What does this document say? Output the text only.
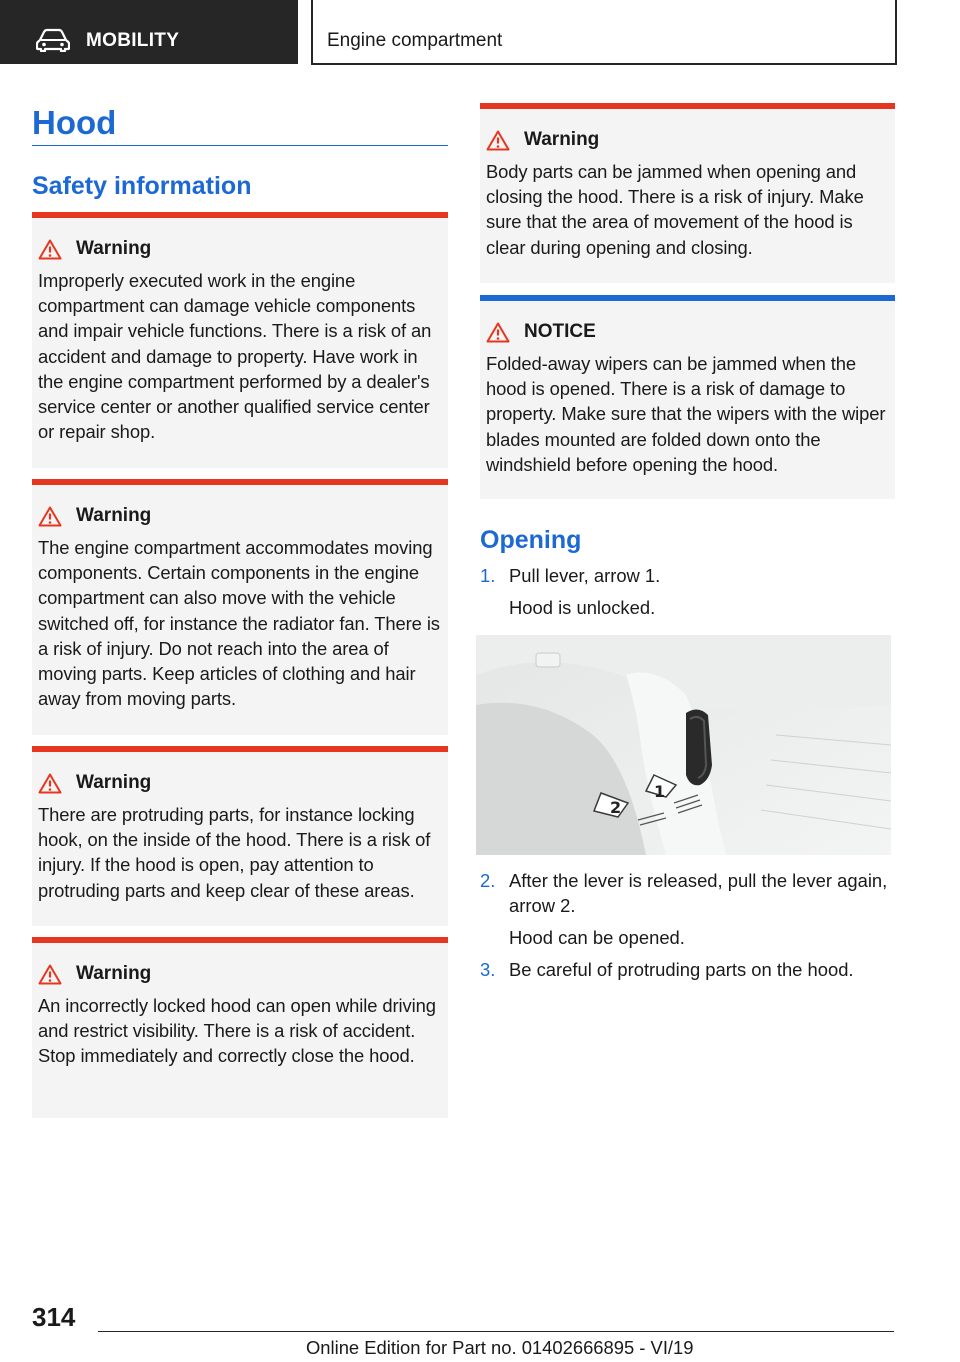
MOBILITY	Engine compartment
Hood
Safety information
Warning
Improperly executed work in the engine compartment can damage vehicle components and impair vehicle functions. There is a risk of an accident and damage to property. Have work in the engine compartment performed by a dealer's service center or another qualified service center or repair shop.
Warning
The engine compartment accommodates moving components. Certain components in the engine compartment can also move with the vehicle switched off, for instance the radiator fan. There is a risk of injury. Do not reach into the area of moving parts. Keep articles of clothing and hair away from moving parts.
Warning
There are protruding parts, for instance locking hook, on the inside of the hood. There is a risk of injury. If the hood is open, pay attention to protruding parts and keep clear of these areas.
Warning
An incorrectly locked hood can open while driving and restrict visibility. There is a risk of accident. Stop immediately and correctly close the hood.
Warning
Body parts can be jammed when opening and closing the hood. There is a risk of injury. Make sure that the area of movement of the hood is clear during opening and closing.
NOTICE
Folded-away wipers can be jammed when the hood is opened. There is a risk of damage to property. Make sure that the wipers with the wiper blades mounted are folded down onto the windshield before opening the hood.
Opening
1. Pull lever, arrow 1.
Hood is unlocked.
1
2
2. After the lever is released, pull the lever again, arrow 2.
Hood can be opened.
3. Be careful of protruding parts on the hood.
314
Online Edition for Part no. 01402666895 - VI/19
